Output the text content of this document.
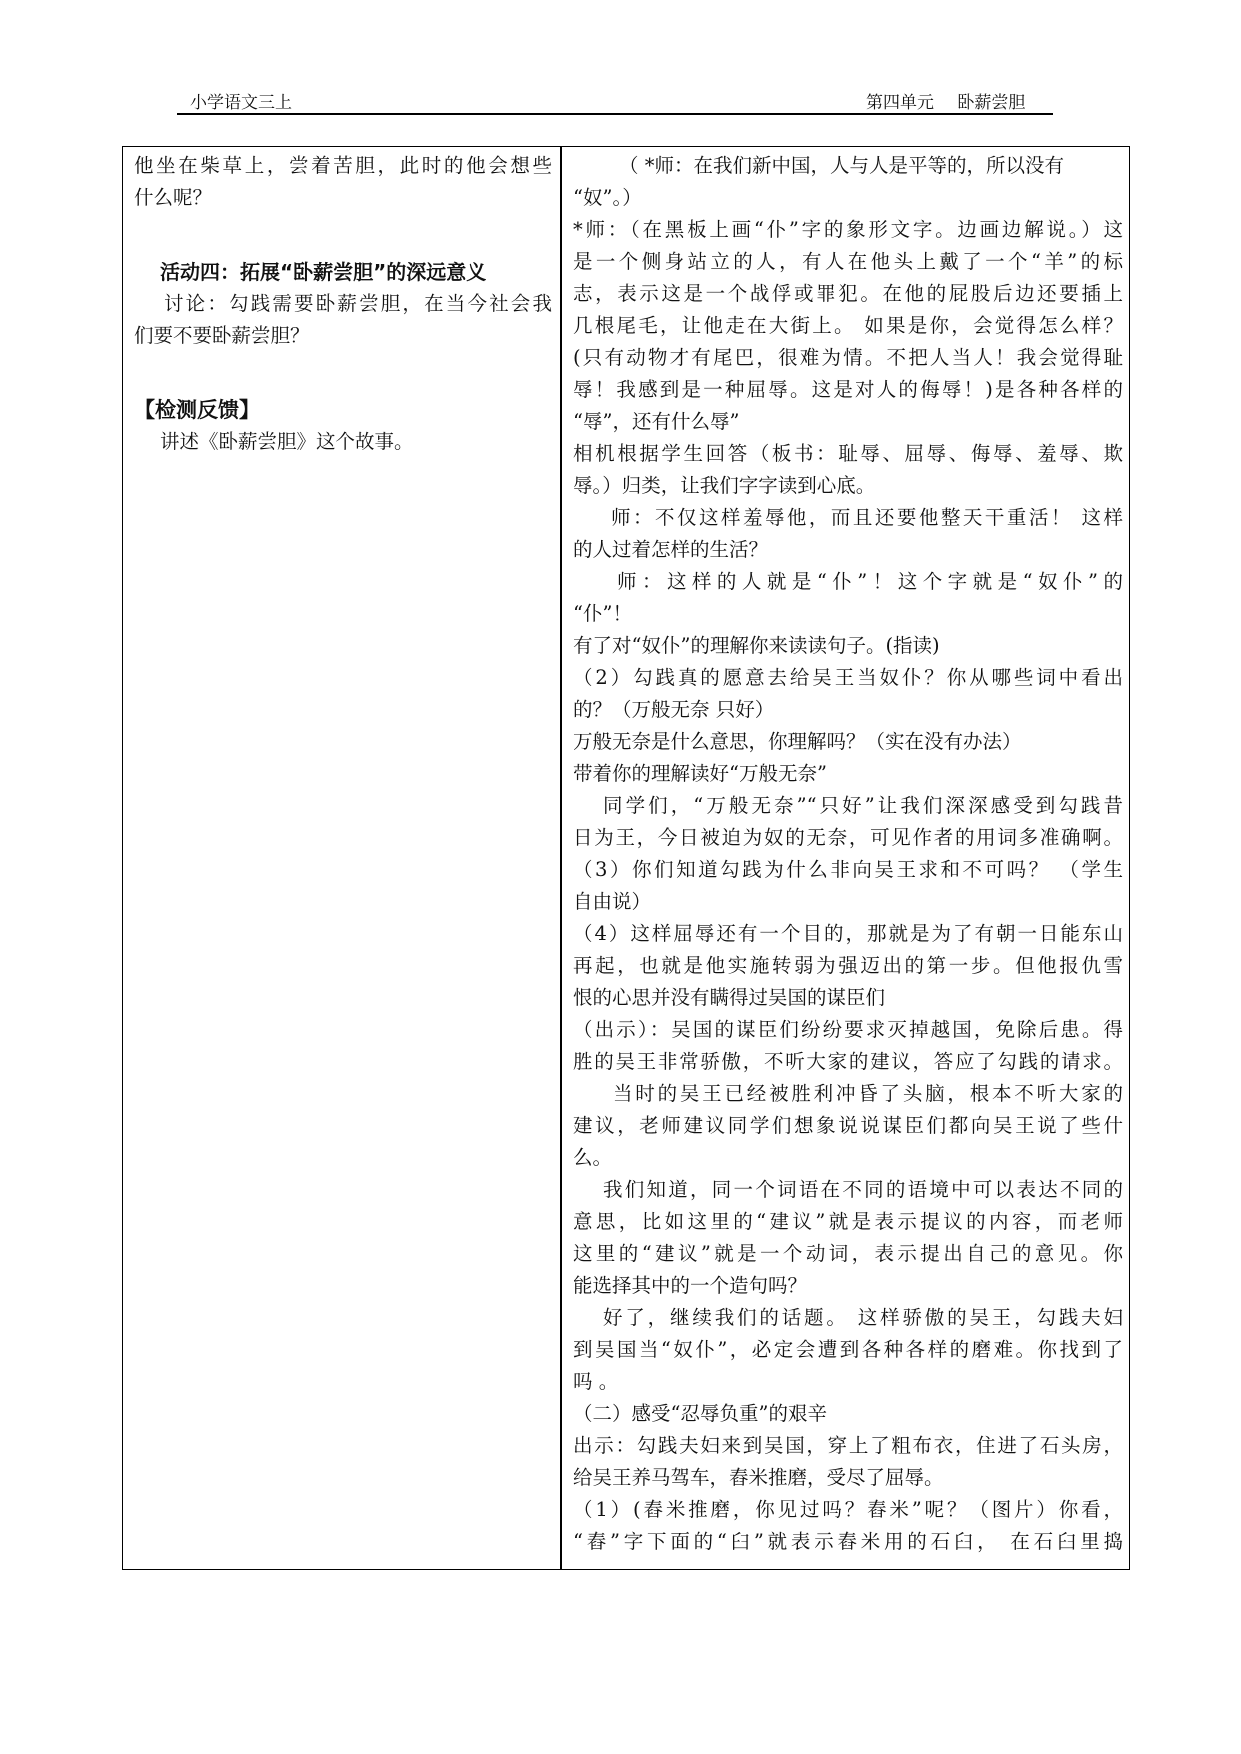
小学语文三上	第四单元 卧薪尝胆
他坐在柴草上，尝着苦胆，此时的他会想些
什么呢？
活动四：拓展“卧薪尝胆”的深远意义
讨论：勾践需要卧薪尝胆，在当今社会我
们要不要卧薪尝胆？
【检测反馈】
讲述《卧薪尝胆》这个故事。
（ *师：在我们新中国，人与人是平等的，所以没有
“奴”。）
*师：（在黑板上画“仆”字的象形文字。边画边解说。）这
是一个侧身站立的人，有人在他头上戴了一个“羊”的标
志，表示这是一个战俘或罪犯。在他的屁股后边还要插上
几根尾毛，让他走在大街上。 如果是你，会觉得怎么样？
(只有动物才有尾巴，很难为情。不把人当人！我会觉得耻
辱！我感到是一种屈辱。这是对人的侮辱！)是各种各样的
“辱”，还有什么辱”
相机根据学生回答（板书：耻辱、屈辱、侮辱、羞辱、欺
辱。）归类，让我们字字读到心底。
师：不仅这样羞辱他，而且还要他整天干重活！ 这样
的人过着怎样的生活？
师：这样的人就是“仆”！这个字就是“奴仆”的
“仆”！
有了对“奴仆”的理解你来读读句子。(指读)
（2）勾践真的愿意去给吴王当奴仆？你从哪些词中看出
的？（万般无奈 只好）
万般无奈是什么意思，你理解吗？（实在没有办法）
带着你的理解读好“万般无奈”
同学们，“万般无奈”“只好”让我们深深感受到勾践昔
日为王，今日被迫为奴的无奈，可见作者的用词多准确啊。
（3）你们知道勾践为什么非向吴王求和不可吗？ （学生
自由说）
（4）这样屈辱还有一个目的，那就是为了有朝一日能东山
再起，也就是他实施转弱为强迈出的第一步。但他报仇雪
恨的心思并没有瞒得过吴国的谋臣们
（出示）：吴国的谋臣们纷纷要求灭掉越国，免除后患。得
胜的吴王非常骄傲，不听大家的建议，答应了勾践的请求。
当时的吴王已经被胜利冲昏了头脑，根本不听大家的
建议，老师建议同学们想象说说谋臣们都向吴王说了些什
么。
我们知道，同一个词语在不同的语境中可以表达不同的
意思，比如这里的“建议”就是表示提议的内容，而老师
这里的“建议”就是一个动词，表示提出自己的意见。你
能选择其中的一个造句吗？
好了，继续我们的话题。 这样骄傲的吴王，勾践夫妇
到吴国当“奴仆”，必定会遭到各种各样的磨难。你找到了
吗 。
（二）感受“忍辱负重”的艰辛
出示：勾践夫妇来到吴国，穿上了粗布衣，住进了石头房，
给吴王养马驾车，舂米推磨，受尽了屈辱。
（1）(舂米推磨，你见过吗？舂米”呢？（图片）你看，
“舂”字下面的“臼”就表示舂米用的石臼， 在石臼里捣
